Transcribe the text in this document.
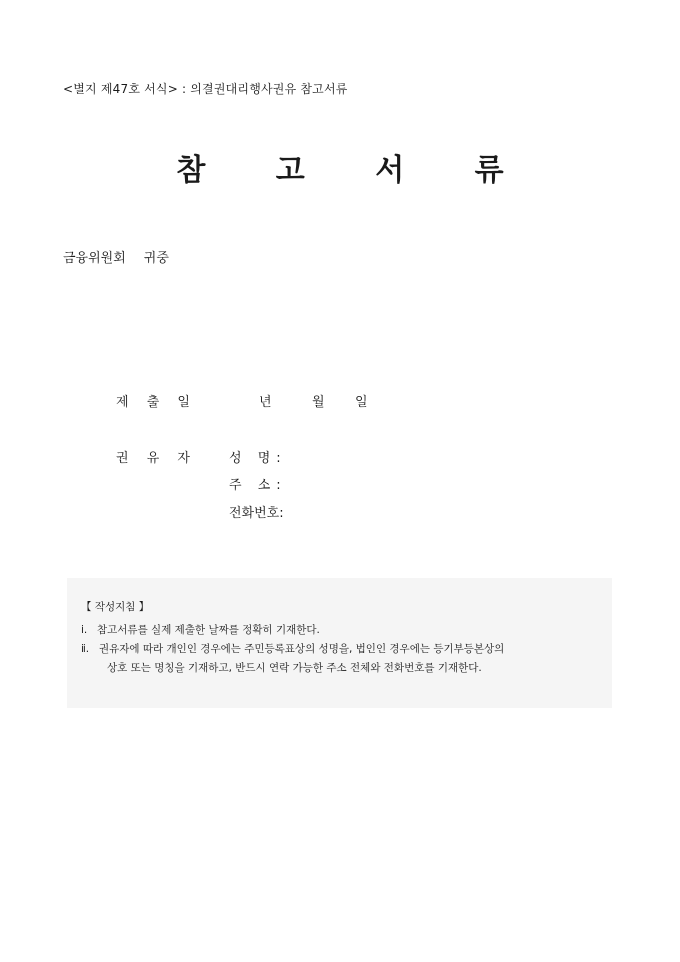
<별지 제47호 서식> : 의결권대리행사권유 참고서류
참 고 서 류
금융위원회 귀중
제 출 일	년	월	일
권 유 자 성 명:
주 소:
전화번호:
【 작성지침 】
ⅰ. 참고서류를 실제 제출한 날짜를 정확히 기재한다.
ⅱ. 권유자에 따라 개인인 경우에는 주민등록표상의 성명을, 법인인 경우에는 등기부등본상의
상호 또는 명칭을 기재하고, 반드시 연락 가능한 주소 전체와 전화번호를 기재한다.
